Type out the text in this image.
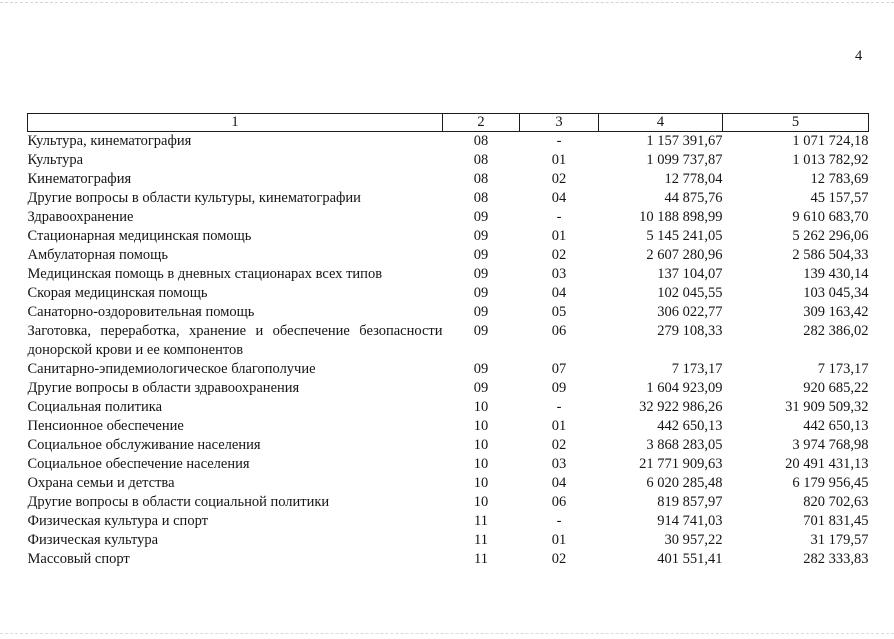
4
1	2	3	4	5
Культура, кинематография	08	-	1 157 391,67	1 071 724,18
Культура	08	01	1 099 737,87	1 013 782,92
Кинематография	08	02	12 778,04	12 783,69
Другие вопросы в области культуры, кинематографии	08	04	44 875,76	45 157,57
Здравоохранение	09	-	10 188 898,99	9 610 683,70
Стационарная медицинская помощь	09	01	5 145 241,05	5 262 296,06
Амбулаторная помощь	09	02	2 607 280,96	2 586 504,33
Медицинская помощь в дневных стационарах всех типов	09	03	137 104,07	139 430,14
Скорая медицинская помощь	09	04	102 045,55	103 045,34
Санаторно-оздоровительная помощь	09	05	306 022,77	309 163,42
Заготовка, переработка, хранение и обеспечение безопасности донорской крови и ее компонентов	09	06	279 108,33	282 386,02
Санитарно-эпидемиологическое благополучие	09	07	7 173,17	7 173,17
Другие вопросы в области здравоохранения	09	09	1 604 923,09	920 685,22
Социальная политика	10	-	32 922 986,26	31 909 509,32
Пенсионное обеспечение	10	01	442 650,13	442 650,13
Социальное обслуживание населения	10	02	3 868 283,05	3 974 768,98
Социальное обеспечение населения	10	03	21 771 909,63	20 491 431,13
Охрана семьи и детства	10	04	6 020 285,48	6 179 956,45
Другие вопросы в области социальной политики	10	06	819 857,97	820 702,63
Физическая культура и спорт	11	-	914 741,03	701 831,45
Физическая культура	11	01	30 957,22	31 179,57
Массовый спорт	11	02	401 551,41	282 333,83
